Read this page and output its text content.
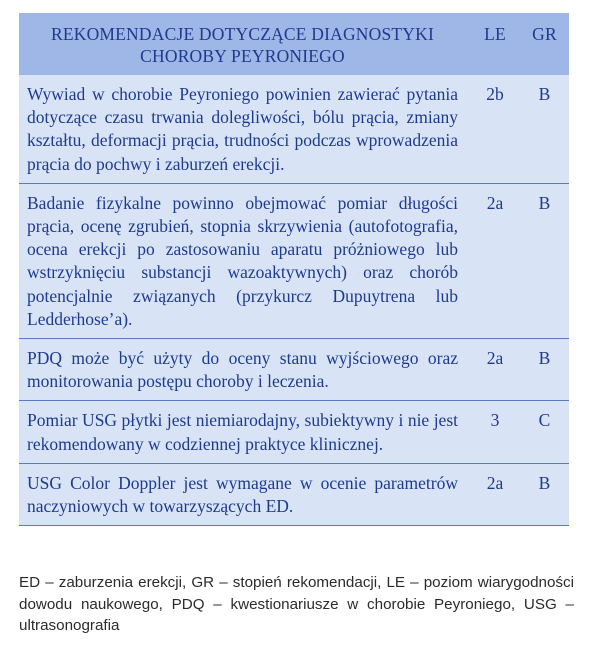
REKOMENDACJE DOTYCZĄCE DIAGNOSTYKI CHOROBY PEYRONIEGO	LE	GR
Wywiad w chorobie Peyroniego powinien zawierać pytania dotyczące czasu trwania dolegliwości, bólu prącia, zmiany kształtu, deformacji prącia, trudności podczas wprowadzenia prącia do pochwy i zaburzeń erekcji.	2b	B
Badanie fizykalne powinno obejmować pomiar długości prącia, ocenę zgrubień, stopnia skrzywienia (autofotografia, ocena erekcji po zastosowaniu aparatu próżniowego lub wstrzyknięciu substancji wazoaktywnych) oraz chorób potencjalnie związanych (przykurcz Dupuytrena lub Ledderhose’a).	2a	B
PDQ może być użyty do oceny stanu wyjściowego oraz monitorowania postępu choroby i leczenia.	2a	B
Pomiar USG płytki jest niemiarodajny, subiektywny i nie jest rekomendowany w codziennej praktyce klinicznej.	3	C
USG Color Doppler jest wymagane w ocenie parametrów naczyniowych w towarzyszących ED.	2a	B
ED – zaburzenia erekcji, GR – stopień rekomendacji, LE – poziom wiarygodności dowodu naukowego, PDQ – kwestionariusze w chorobie Peyroniego, USG – ultrasonografia
